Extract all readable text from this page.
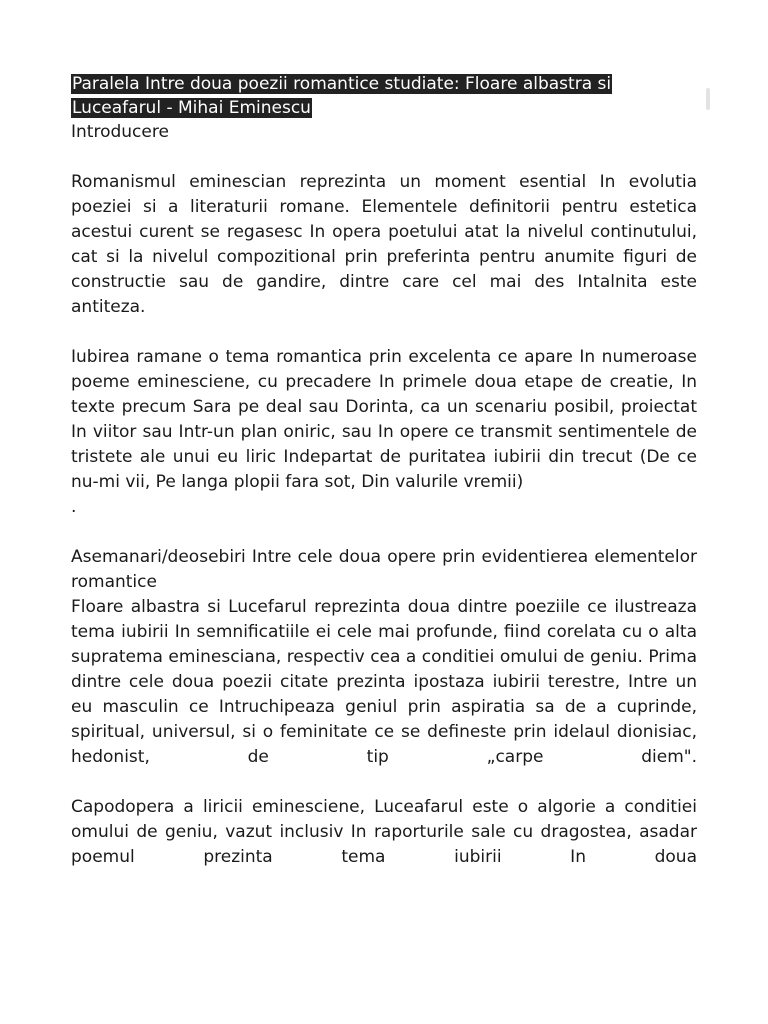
Paralela Intre doua poezii romantice studiate: Floare albastra si Luceafarul - Mihai Eminescu
Introducere

Romanismul eminescian reprezinta un moment esential In evolutia poeziei si a literaturii romane. Elementele definitorii pentru estetica acestui curent se regasesc In opera poetului atat la nivelul continutului, cat si la nivelul compozitional prin preferinta pentru anumite figuri de constructie sau de gandire, dintre care cel mai des Intalnita este antiteza.

Iubirea ramane o tema romantica prin excelenta ce apare In numeroase poeme eminesciene, cu precadere In primele doua etape de creatie, In texte precum Sara pe deal sau Dorinta, ca un scenariu posibil, proiectat In viitor sau Intr-un plan oniric, sau In opere ce transmit sentimentele de tristete ale unui eu liric Indepartat de puritatea iubirii din trecut (De ce nu-mi vii, Pe langa plopii fara sot, Din valurile vremii)

.

Asemanari/deosebiri Intre cele doua opere prin evidentierea elementelor romantice

Floare albastra si Lucefarul reprezinta doua dintre poeziile ce ilustreaza tema iubirii In semnificatiile ei cele mai profunde, fiind corelata cu o alta supratema eminesciana, respectiv cea a conditiei omului de geniu. Prima dintre cele doua poezii citate prezinta ipostaza iubirii terestre, Intre un eu masculin ce Intruchipeaza geniul prin aspiratia sa de a cuprinde, spiritual, universul, si o feminitate ce se defineste prin idelaul dionisiac, hedonist, de tip „carpe diem".

Capodopera a liricii eminesciene, Luceafarul este o algorie a conditiei omului de geniu, vazut inclusiv In raporturile sale cu dragostea, asadar poemul prezinta tema iubirii In doua
